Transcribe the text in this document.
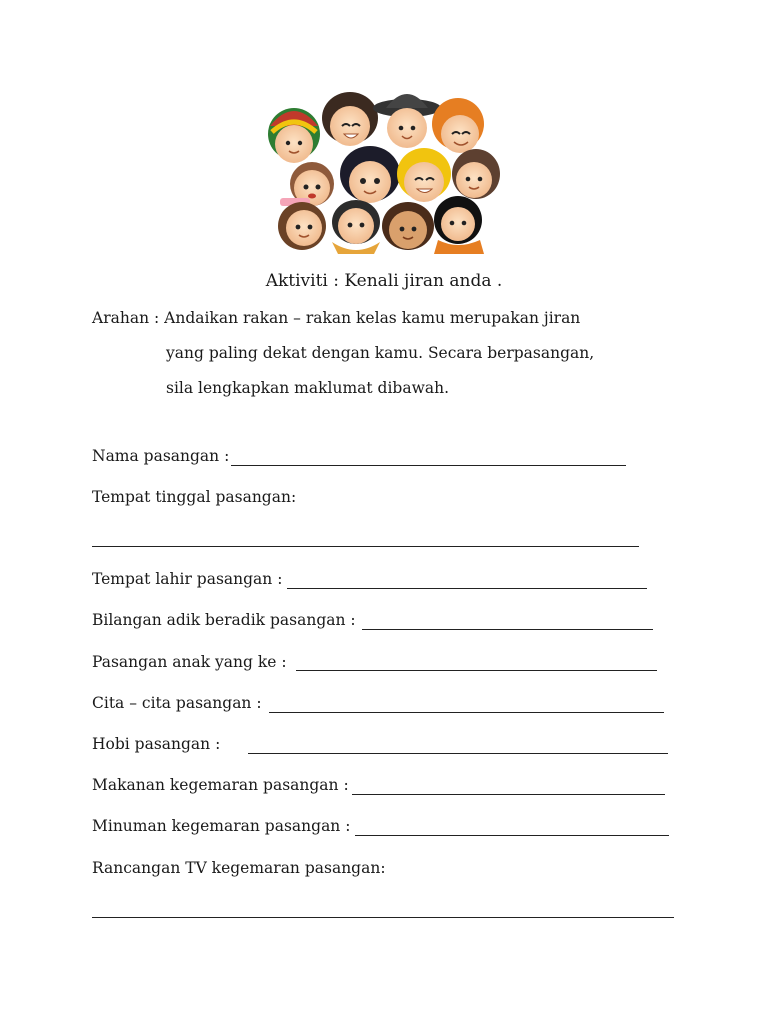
Aktiviti : Kenali jiran anda .
Arahan : Andaikan rakan – rakan kelas kamu merupakan jiran
yang paling dekat dengan kamu. Secara berpasangan,
sila lengkapkan maklumat dibawah.
Nama pasangan :
Tempat tinggal pasangan:
Tempat lahir pasangan :
Bilangan adik beradik pasangan :
Pasangan anak yang ke :
Cita – cita pasangan :
Hobi pasangan :
Makanan kegemaran pasangan :
Minuman kegemaran pasangan :
Rancangan TV kegemaran pasangan:
